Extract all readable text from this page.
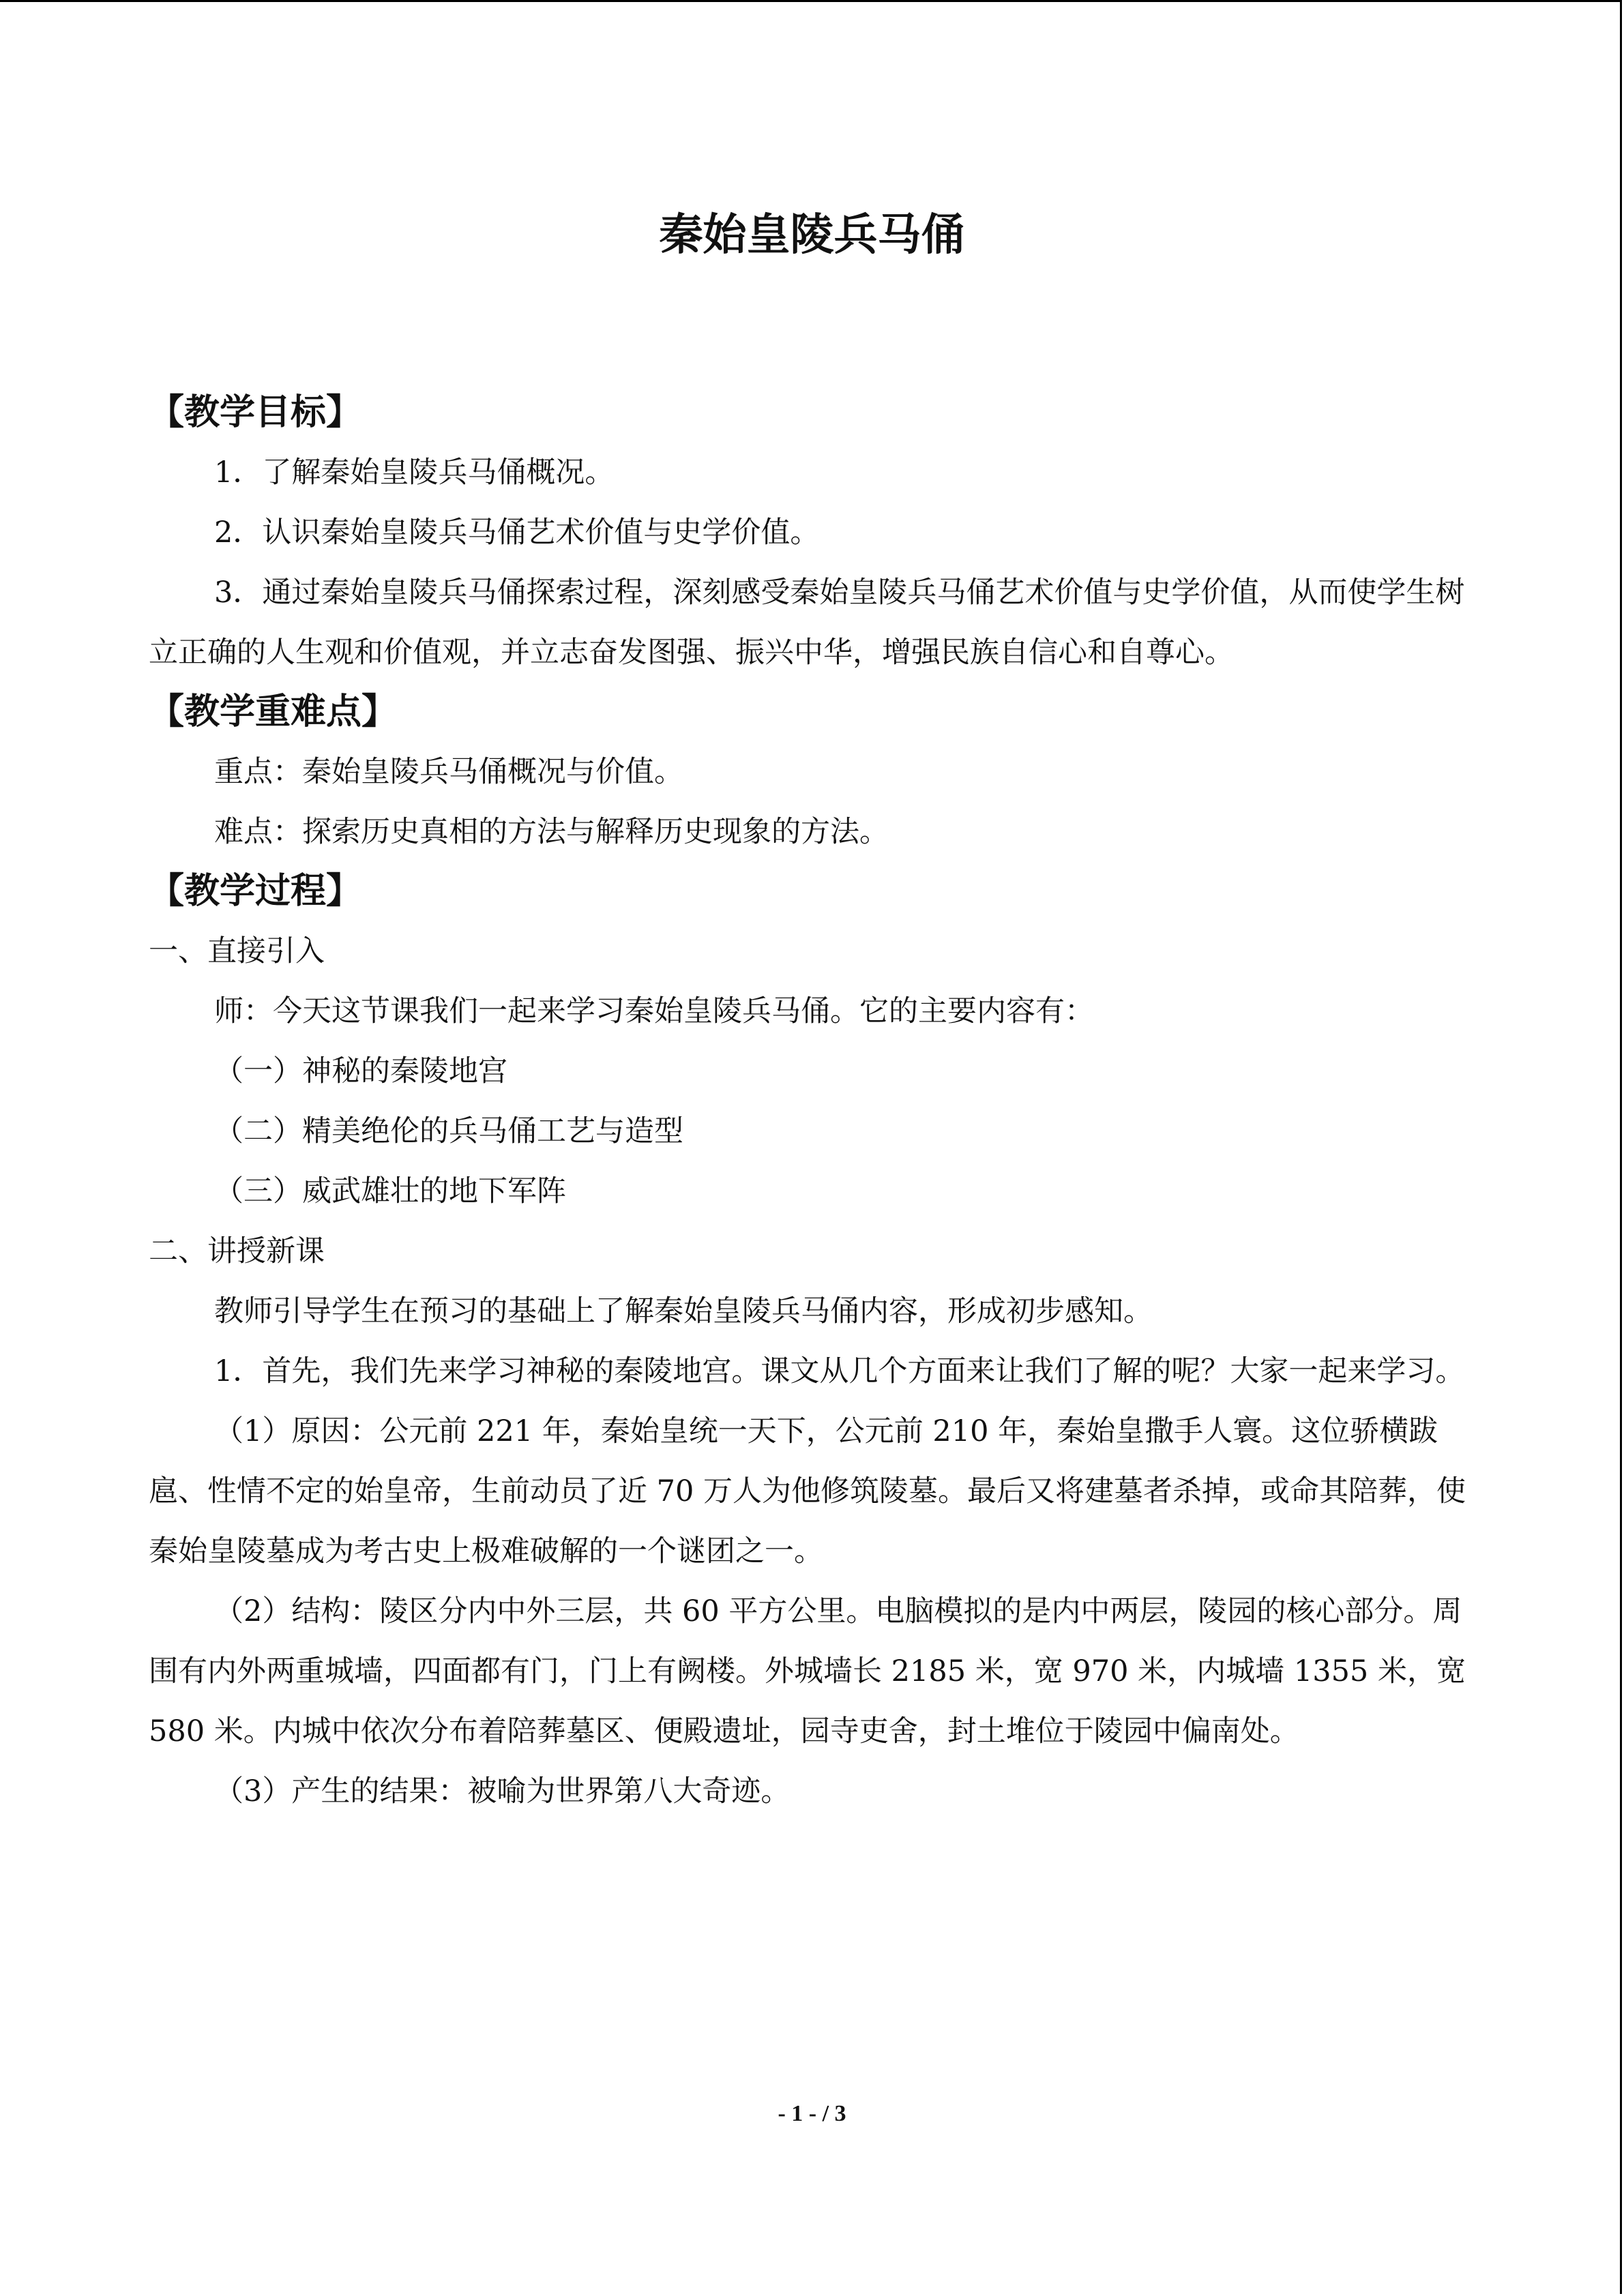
秦始皇陵兵马俑
【教学目标】

1．了解秦始皇陵兵马俑概况。

2．认识秦始皇陵兵马俑艺术价值与史学价值。

3．通过秦始皇陵兵马俑探索过程，深刻感受秦始皇陵兵马俑艺术价值与史学价值，从而使学生树立正确的人生观和价值观，并立志奋发图强、振兴中华，增强民族自信心和自尊心。

【教学重难点】

重点：秦始皇陵兵马俑概况与价值。

难点：探索历史真相的方法与解释历史现象的方法。

【教学过程】

一、直接引入

师：今天这节课我们一起来学习秦始皇陵兵马俑。它的主要内容有：

（一）神秘的秦陵地宫

（二）精美绝伦的兵马俑工艺与造型

（三）威武雄壮的地下军阵

二、讲授新课

教师引导学生在预习的基础上了解秦始皇陵兵马俑内容，形成初步感知。

1．首先，我们先来学习神秘的秦陵地宫。课文从几个方面来让我们了解的呢？大家一起来学习。

（1）原因：公元前 221 年，秦始皇统一天下，公元前 210 年，秦始皇撒手人寰。这位骄横跋扈、性情不定的始皇帝，生前动员了近 70 万人为他修筑陵墓。最后又将建墓者杀掉，或命其陪葬，使秦始皇陵墓成为考古史上极难破解的一个谜团之一。

（2）结构：陵区分内中外三层，共 60 平方公里。电脑模拟的是内中两层，陵园的核心部分。周围有内外两重城墙，四面都有门，门上有阙楼。外城墙长 2185 米，宽 970 米，内城墙 1355 米，宽 580 米。内城中依次分布着陪葬墓区、便殿遗址，园寺吏舍，封土堆位于陵园中偏南处。

（3）产生的结果：被喻为世界第八大奇迹。

- 1 - / 3
